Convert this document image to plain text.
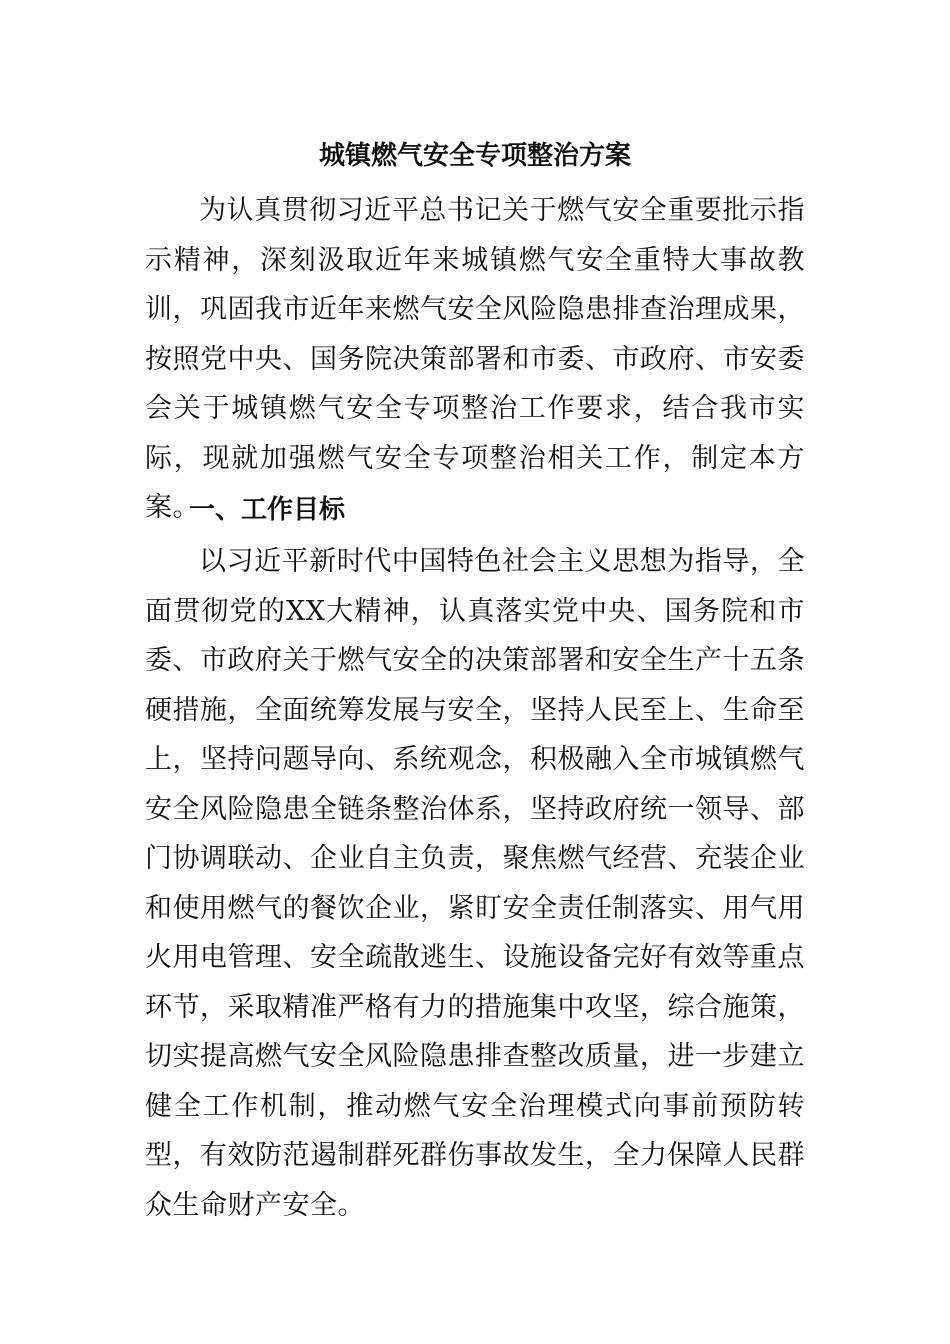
城镇燃气安全专项整治方案

为认真贯彻习近平总书记关于燃气安全重要批示指示精神，深刻汲取近年来城镇燃气安全重特大事故教训，巩固我市近年来燃气安全风险隐患排查治理成果，按照党中央、国务院决策部署和市委、市政府、市安委会关于城镇燃气安全专项整治工作要求，结合我市实际，现就加强燃气安全专项整治相关工作，制定本方案。

一、工作目标

以习近平新时代中国特色社会主义思想为指导，全面贯彻党的XX大精神，认真落实党中央、国务院和市委、市政府关于燃气安全的决策部署和安全生产十五条硬措施，全面统筹发展与安全，坚持人民至上、生命至上，坚持问题导向、系统观念，积极融入全市城镇燃气安全风险隐患全链条整治体系，坚持政府统一领导、部门协调联动、企业自主负责，聚焦燃气经营、充装企业和使用燃气的餐饮企业，紧盯安全责任制落实、用气用火用电管理、安全疏散逃生、设施设备完好有效等重点环节，采取精准严格有力的措施集中攻坚，综合施策，切实提高燃气安全风险隐患排查整改质量，进一步建立健全工作机制，推动燃气安全治理模式向事前预防转型，有效防范遏制群死群伤事故发生，全力保障人民群众生命财产安全。
